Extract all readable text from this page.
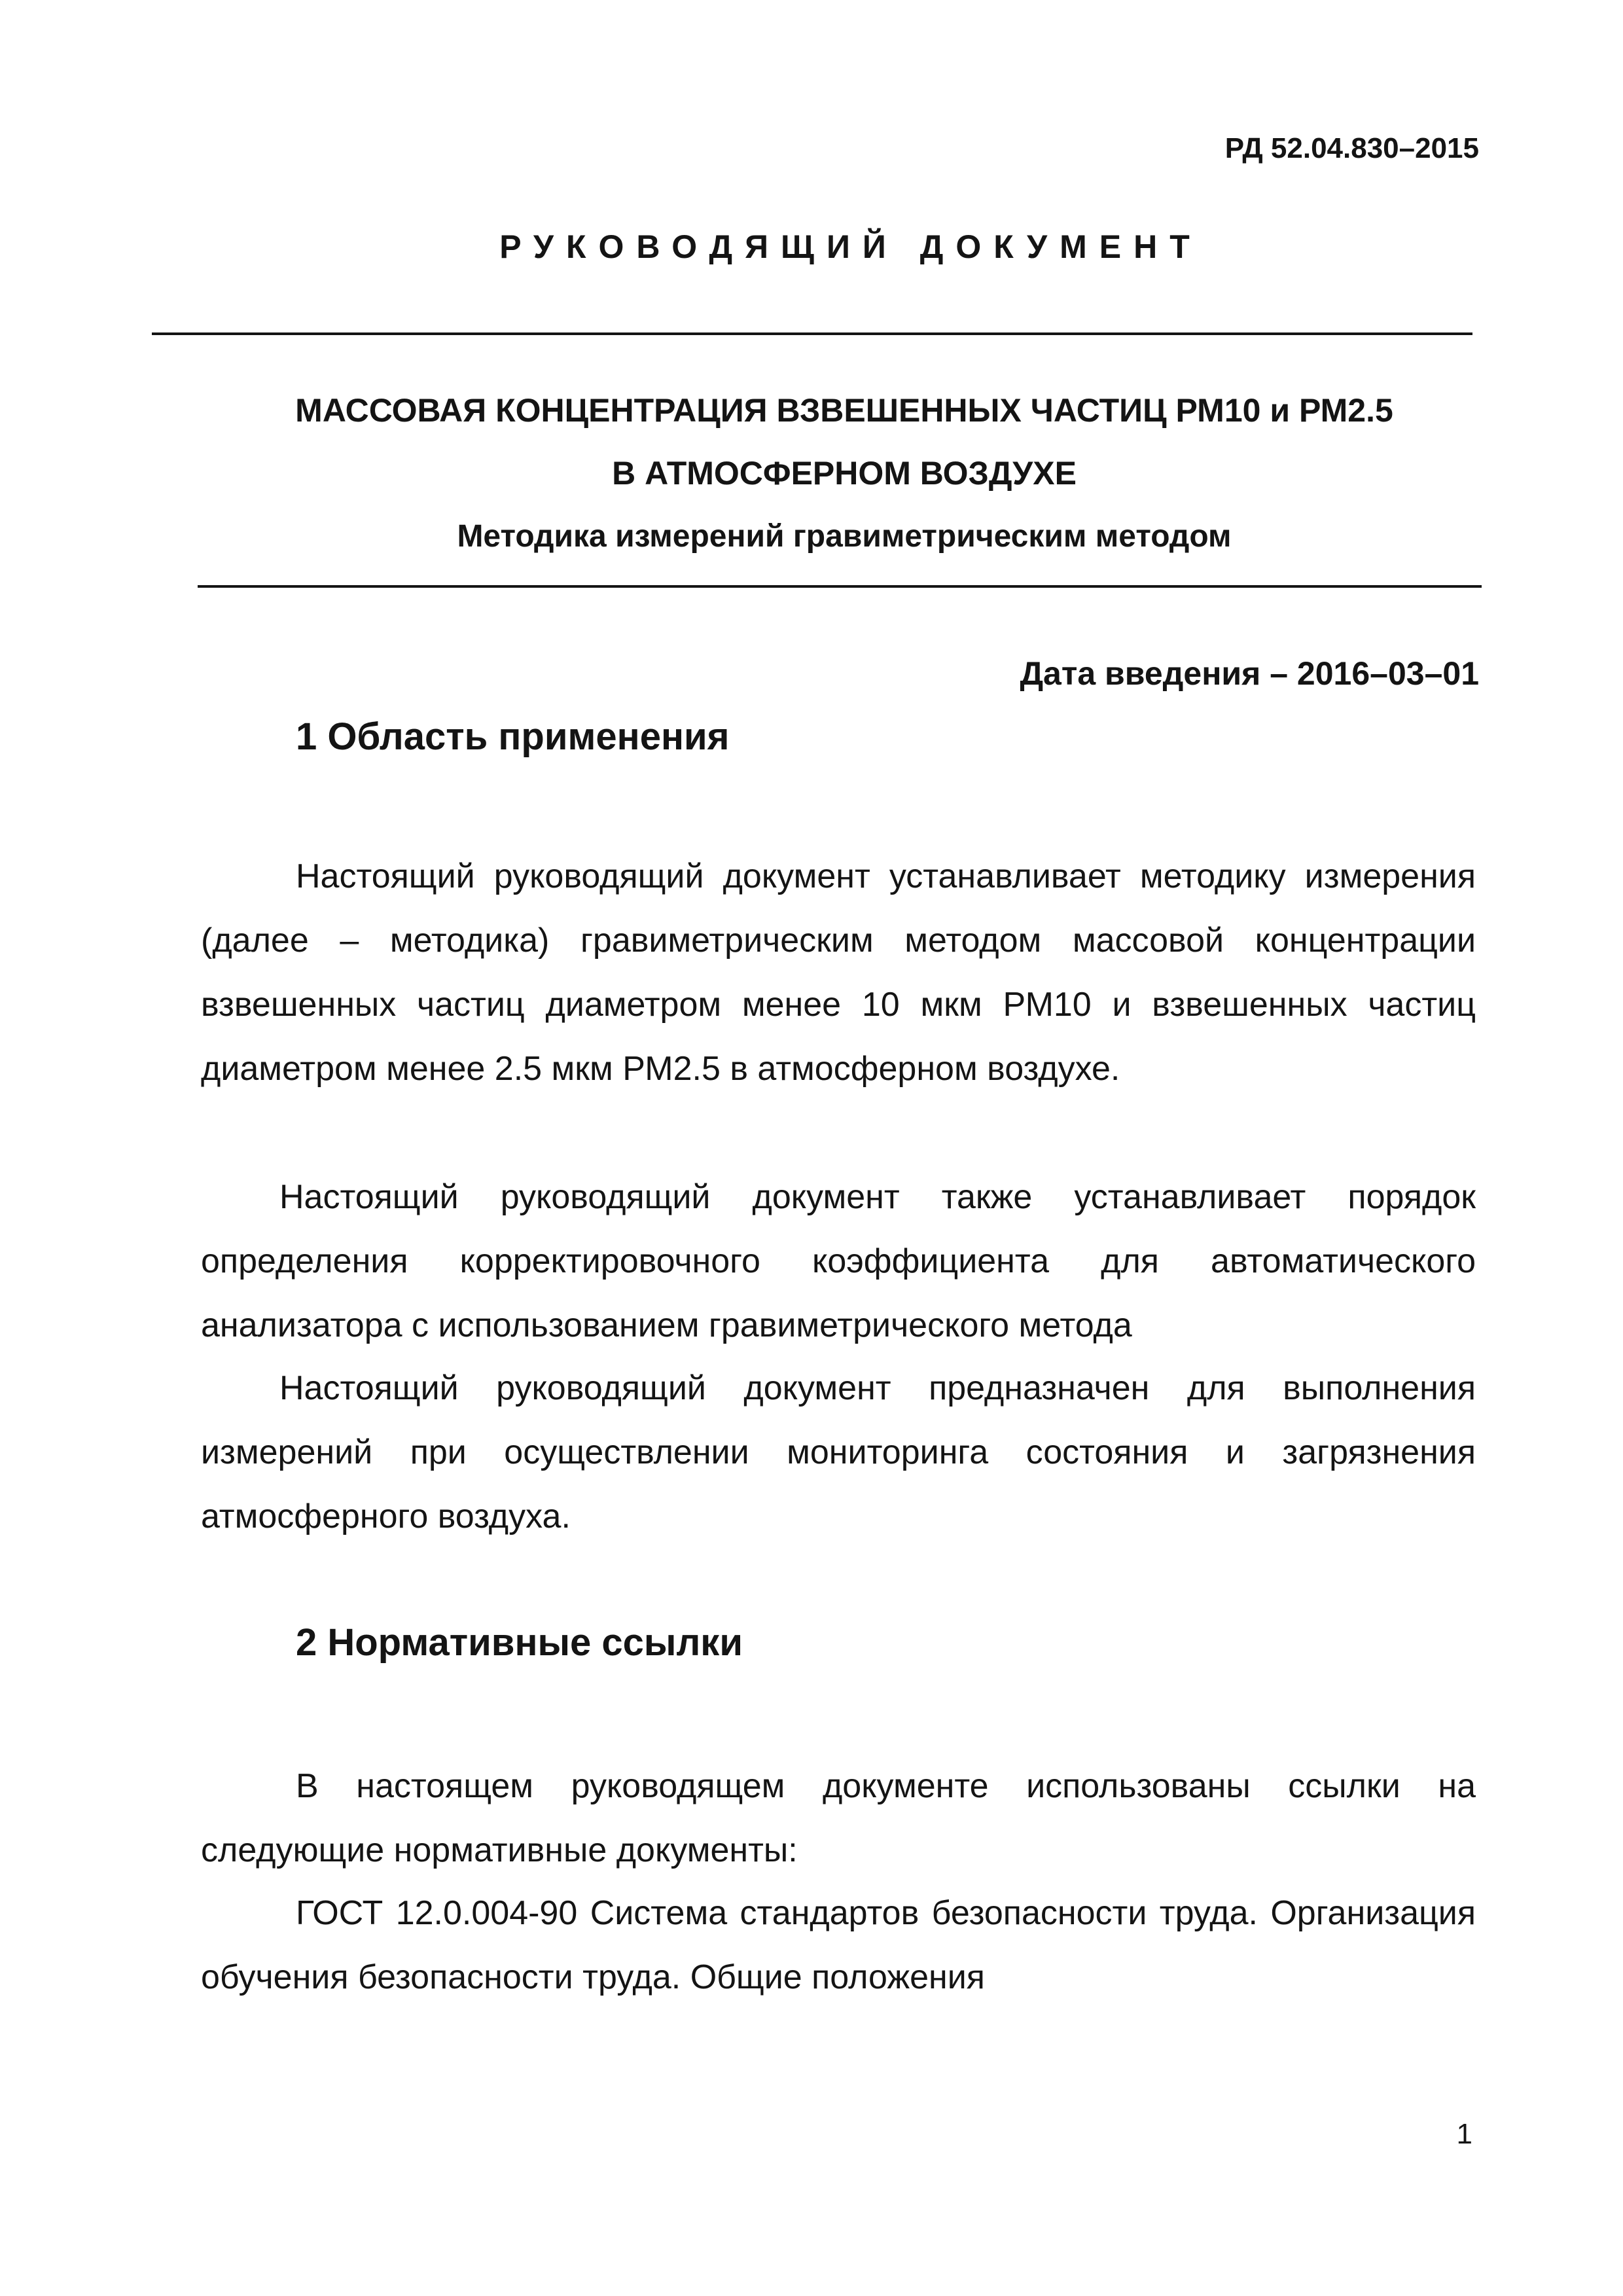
РД 52.04.830–2015
РУКОВОДЯЩИЙ ДОКУМЕНТ
МАССОВАЯ КОНЦЕНТРАЦИЯ ВЗВЕШЕННЫХ ЧАСТИЦ РМ10 и РМ2.5
В АТМОСФЕРНОМ ВОЗДУХЕ
Методика измерений гравиметрическим методом
Дата введения – 2016–03–01
1 Область применения

Настоящий руководящий документ устанавливает методику измерения (далее – методика) гравиметрическим методом массовой концентрации взвешенных частиц диаметром менее 10 мкм РМ10 и взвешенных частиц диаметром менее 2.5 мкм РМ2.5 в атмосферном воздухе.

Настоящий руководящий документ также устанавливает порядок определения корректировочного коэффициента для автоматического анализатора с использованием гравиметрического метода

Настоящий руководящий документ предназначен для выполнения измерений при осуществлении мониторинга состояния и загрязнения атмосферного воздуха.

2 Нормативные ссылки

В настоящем руководящем документе использованы ссылки на следующие нормативные документы:

ГОСТ 12.0.004-90 Система стандартов безопасности труда. Организация обучения безопасности труда. Общие положения

1
